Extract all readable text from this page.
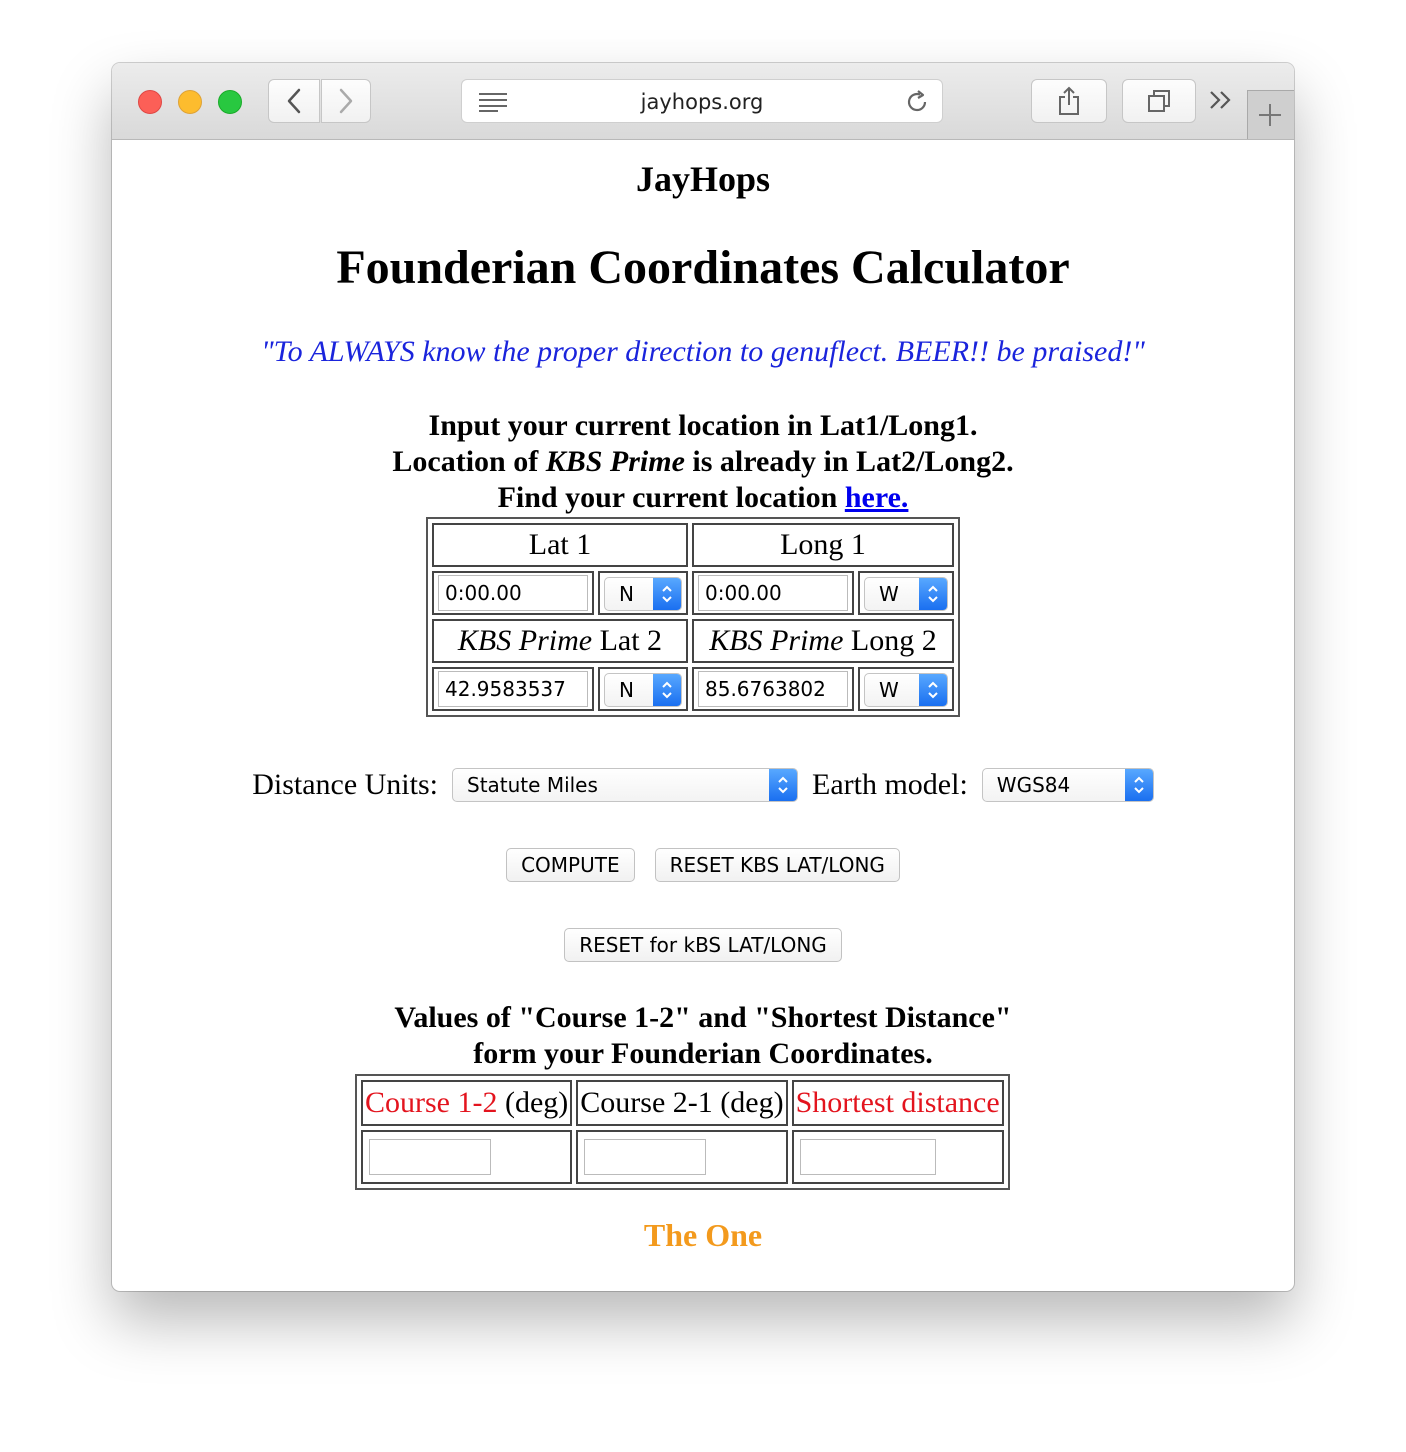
jayhops.org
JayHops
Founderian Coordinates Calculator
"To ALWAYS know the proper direction to genuflect. BEER!! be praised!"
Input your current location in Lat1/Long1.
Location of KBS Prime is already in Lat2/Long2.
Find your current location here.
Lat 1		Long 1	

0:00.00	N	0:00.00	W

KBS Prime Lat 2		KBS Prime Long 2	

42.9583537	N	85.6763802	W
Distance Units:	Statute Miles	Earth model:	WGS84
COMPUTE	RESET KBS LAT/LONG
RESET for kBS LAT/LONG
Values of "Course 1-2" and "Shortest Distance"
form your Founderian Coordinates.
Course 1-2 (deg)	Course 2-1 (deg)	Shortest distance

The One
